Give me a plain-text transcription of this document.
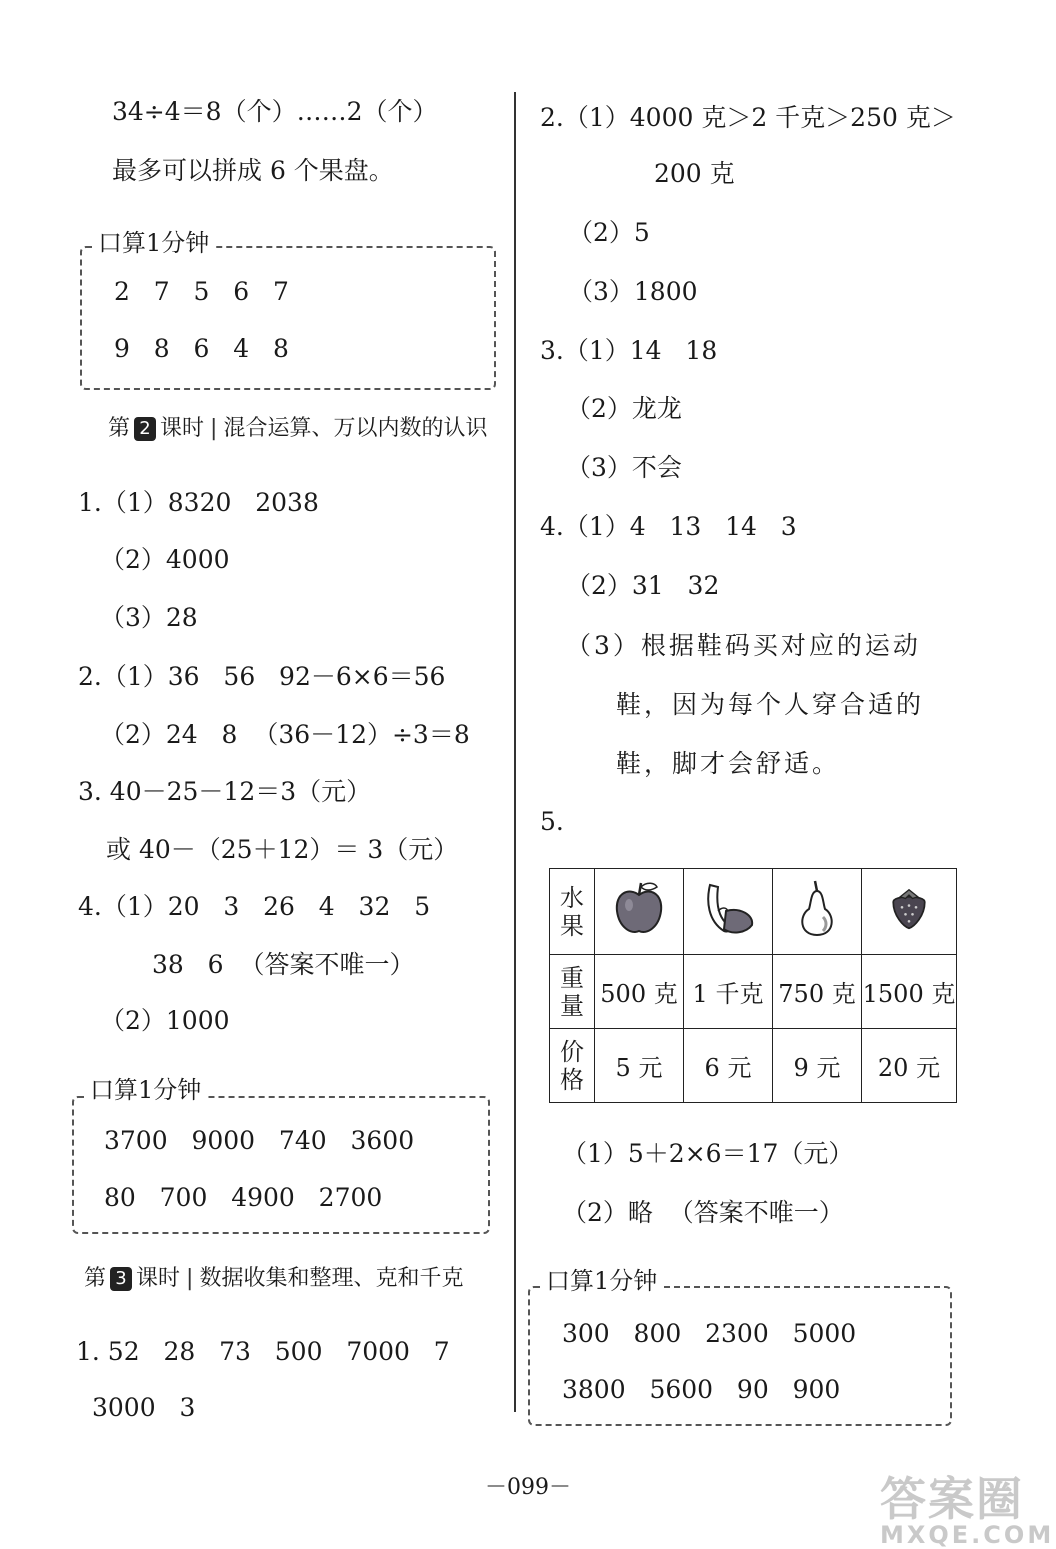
34÷4＝8（个）……2（个）
最多可以拼成 6 个果盘。
口算1分钟
2   7   5   6   7
9   8   6   4   8
第 2 课时 | 混合运算、万以内数的认识
1.（1）8320   2038
（2）4000
（3）28
2.（1）36   56   92－6×6＝56
（2）24   8  （36－12）÷3＝8
3. 40－25－12＝3（元）
或 40－（25＋12）＝ 3（元）
4.（1）20   3   26   4   32   5
38   6  （答案不唯一）
（2）1000
口算1分钟
3700   9000   740   3600
80   700   4900   2700
第 3 课时 | 数据收集和整理、克和千克
1. 52   28   73   500   7000   7
3000   3
2.（1）4000 克＞2 千克＞250 克＞
200 克
（2）5
（3）1800
3.（1）14   18
（2）龙龙
（3）不会
4.（1）4   13   14   3
（2）31   32
（3）根据鞋码买对应的运动
鞋，因为每个人穿合适的
鞋，脚才会舒适。
5.
水果

重量	500 克	1 千克	750 克	1500 克

价格	5 元	6 元	9 元	20 元
（1）5＋2×6＝17（元）
（2）略  （答案不唯一）
口算1分钟
300   800   2300   5000
3800   5600   90   900
－099－	答案圈
MXQE.COM
